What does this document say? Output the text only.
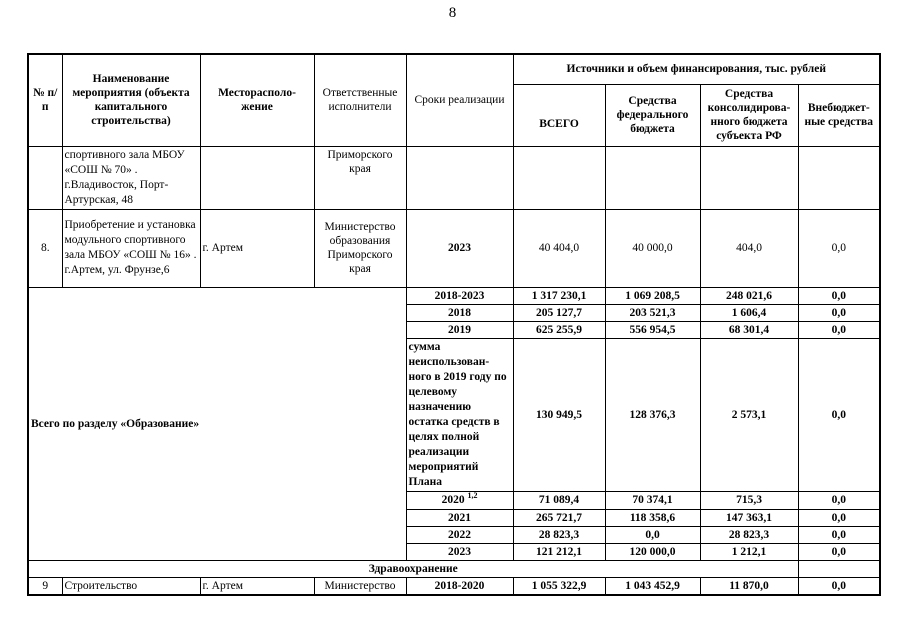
8
№ п/п	Наименование мероприятия (объекта капитального строительства)	Месторасполо-жение	Ответственные исполнители	Сроки реализации	Источники и объем финансирования, тыс. рублей			
					ВСЕГО	Средства федерального бюджета	Средства консолидирова-нного бюджета субъекта РФ	Внебюджет-ные средства
	спортивного зала МБОУ «СОШ № 70» . г.Владивосток, Порт-Артурская, 48		Приморского края					
8.	Приобретение и установка модульного спортивного зала МБОУ «СОШ № 16» . г.Артем, ул. Фрунзе,6	г. Артем	Министерство образования Приморского края	2023	40 404,0	40 000,0	404,0	0,0
Всего по разделу «Образование»				2018-2023	1 317 230,1	1 069 208,5	248 021,6	0,0
				2018	205 127,7	203 521,3	1 606,4	0,0
				2019	625 255,9	556 954,5	68 301,4	0,0
				сумма неиспользован-ного в 2019 году по целевому назначению остатка средств в целях полной реализации мероприятий Плана	130 949,5	128 376,3	2 573,1	0,0
				2020 $^{1,2}$	71 089,4	70 374,1	715,3	0,0
				2021	265 721,7	118 358,6	147 363,1	0,0
				2022	28 823,3	0,0	28 823,3	0,0
				2023	121 212,1	120 000,0	1 212,1	0,0
Здравоохранение								
9	Строительство	г. Артем	Министерство	2018-2020	1 055 322,9	1 043 452,9	11 870,0	0,0
